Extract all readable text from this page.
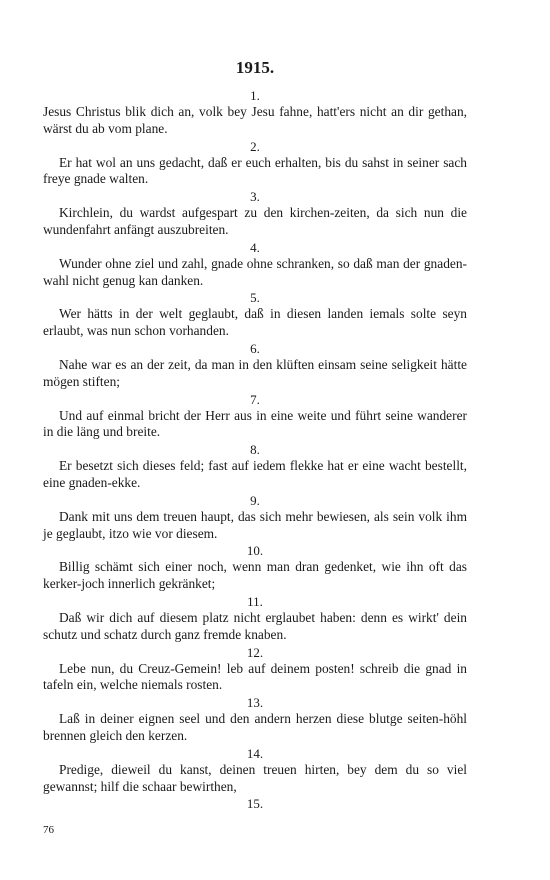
1915.
1.
Jesus Christus blik dich an, volk bey Jesu fahne, hatt'ers nicht an dir gethan, wärst du ab vom plane.
2.
Er hat wol an uns gedacht, daß er euch erhalten, bis du sahst in seiner sach freye gnade walten.
3.
Kirchlein, du wardst aufgespart zu den kirchen-zeiten, da sich nun die wundenfahrt anfängt auszubreiten.
4.
Wunder ohne ziel und zahl, gnade ohne schranken, so daß man der gnaden-wahl nicht genug kan danken.
5.
Wer hätts in der welt geglaubt, daß in diesen landen iemals solte seyn erlaubt, was nun schon vorhanden.
6.
Nahe war es an der zeit, da man in den klüften einsam seine seligkeit hätte mögen stiften;
7.
Und auf einmal bricht der Herr aus in eine weite und führt seine wanderer in die läng und breite.
8.
Er besetzt sich dieses feld; fast auf iedem flekke hat er eine wacht bestellt, eine gnaden-ekke.
9.
Dank mit uns dem treuen haupt, das sich mehr bewiesen, als sein volk ihm je geglaubt, itzo wie vor diesem.
10.
Billig schämt sich einer noch, wenn man dran gedenket, wie ihn oft das kerker-joch innerlich gekränket;
11.
Daß wir dich auf diesem platz nicht erglaubet haben: denn es wirkt' dein schutz und schatz durch ganz fremde knaben.
12.
Lebe nun, du Creuz-Gemein! leb auf deinem posten! schreib die gnad in tafeln ein, welche niemals rosten.
13.
Laß in deiner eignen seel und den andern herzen diese blutge seiten-höhl brennen gleich den kerzen.
14.
Predige, dieweil du kanst, deinen treuen hirten, bey dem du so viel gewannst; hilf die schaar bewirthen,
15.
76
